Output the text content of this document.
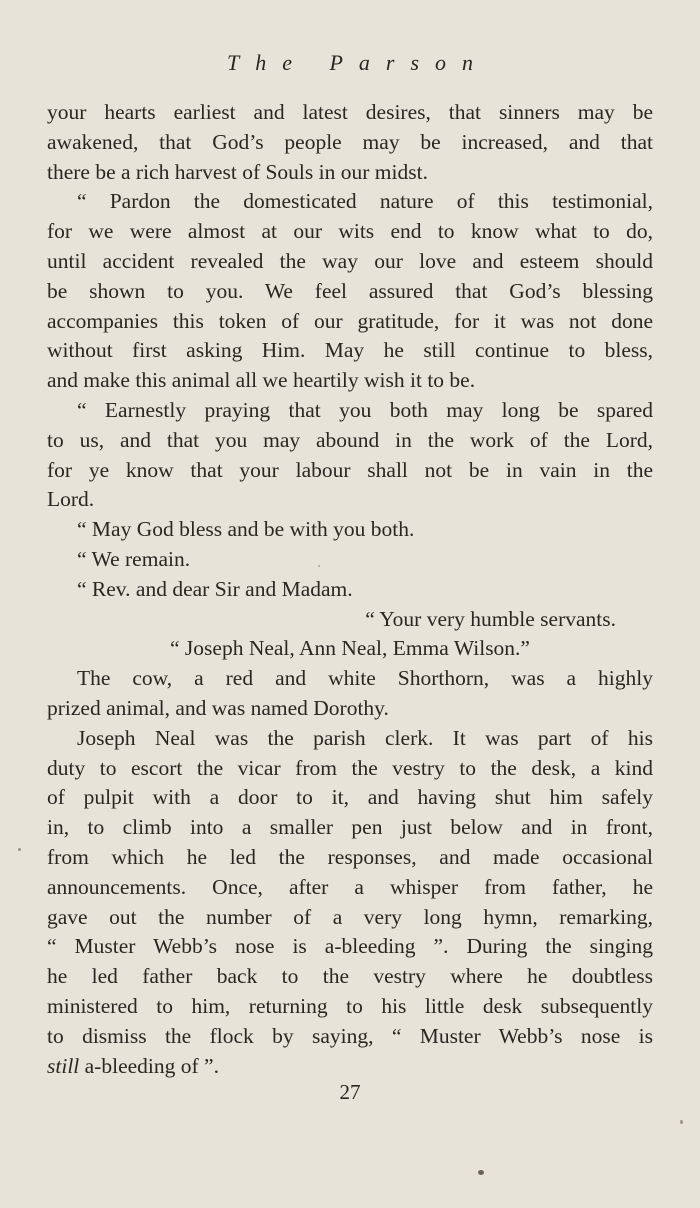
The Parson
your hearts earliest and latest desires, that sinners may be
awakened, that God’s people may be increased, and that
there be a rich harvest of Souls in our midst.
“ Pardon the domesticated nature of this testimonial,
for we were almost at our wits end to know what to do,
until accident revealed the way our love and esteem should
be shown to you. We feel assured that God’s blessing
accompanies this token of our gratitude, for it was not done
without first asking Him. May he still continue to bless,
and make this animal all we heartily wish it to be.
“ Earnestly praying that you both may long be spared
to us, and that you may abound in the work of the Lord,
for ye know that your labour shall not be in vain in the
Lord.
“ May God bless and be with you both.
“ We remain.
“ Rev. and dear Sir and Madam.
“ Your very humble servants.
“ Joseph Neal, Ann Neal, Emma Wilson.”
The cow, a red and white Shorthorn, was a highly
prized animal, and was named Dorothy.
Joseph Neal was the parish clerk. It was part of his
duty to escort the vicar from the vestry to the desk, a kind
of pulpit with a door to it, and having shut him safely
in, to climb into a smaller pen just below and in front,
from which he led the responses, and made occasional
announcements. Once, after a whisper from father, he
gave out the number of a very long hymn, remarking,
“ Muster Webb’s nose is a-bleeding ”. During the singing
he led father back to the vestry where he doubtless
ministered to him, returning to his little desk subsequently
to dismiss the flock by saying, “ Muster Webb’s nose is
still a-bleeding of ”.
27
